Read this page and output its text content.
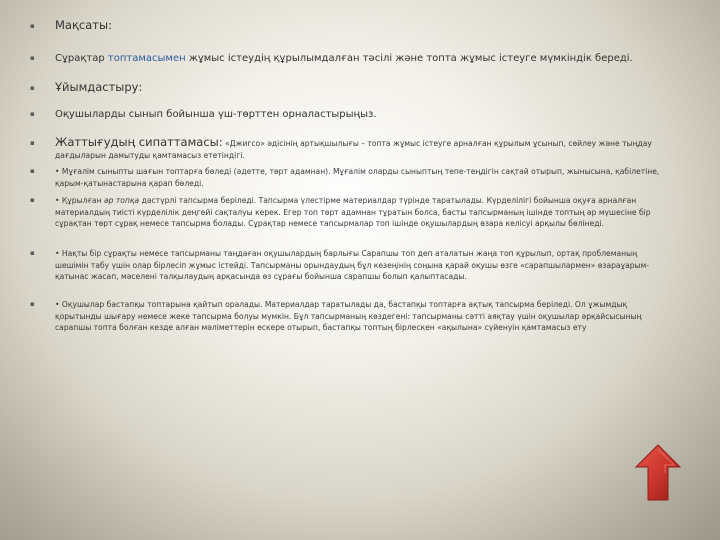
▪ Мақсаты:
▪ Сұрақтар топтамасымен жұмыс істеудің құрылымдалған тәсілі және топта жұмыс істеуге мүмкіндік береді.
▪ Ұйымдастыру:
▪ Оқушыларды сынып бойынша үш-төрттен орналастырыңыз.
▪ Жаттығудың сипаттамасы: «Джигсо» әдісінің артықшылығы – топта жұмыс істеуге арналған құрылым ұсынып, сөйлеу және тыңдау дағдыларын дамытуды қамтамасыз ететіндігі.
▪	• Мұғалім сыныпты шағын топтарға бөледі (әдетте, төрт адамнан). Мұғалім оларды сыныптың тепе-теңдігін сақтай отырып, жынысына, қабілетіне, қарым-қатынастарына қарап бөледі.
▪	• Құрылған әр топқа дәстүрлі тапсырма беріледі. Тапсырма үлестірме материалдар түрінде таратылады. Күрделілігі бойынша оқуға арналған материалдың тиісті күрделілік деңгейі сақталуы керек. Егер топ төрт адамнан тұратын болса, басты тапсырманың ішінде топтың әр мүшесіне бір сұрақтан төрт сұрақ немесе тапсырма болады. Сұрақтар немесе тапсырмалар топ ішінде оқушылардың өзара келісуі арқылы бөлінеді.
▪	• Нақты бір сұрақты немесе тапсырманы таңдаған оқушылардың барлығы Сарапшы топ деп аталатын жаңа топ құрылып, ортақ проблеманың шешімін табу үшін олар бірлесіп жұмыс істейді. Тапсырманы орындаудың бұл кезеңінің соңына қарай оқушы өзге «сарапшылармен» өзараұарым-қатынас жасап, мәселені талқылаудың арқасында өз сұрағы бойынша сарапшы болып қалыптасады.
▪	• Оқушылар бастапқы топтарына қайтып оралады. Материалдар таратылады да, бастапқы топтарға ақтық тапсырма беріледі. Ол ұжымдық қорытынды шығару немесе жеке тапсырма болуы мүмкін. Бұл тапсырманың көздегені: тапсырманы сәтті аяқтау үшін оқушылар әрқайсысының сарапшы топта болған кезде алған мәліметтерін ескере отырып, бастапқы топтың бірлескен «ақылына» сүйенуін қамтамасыз ету
